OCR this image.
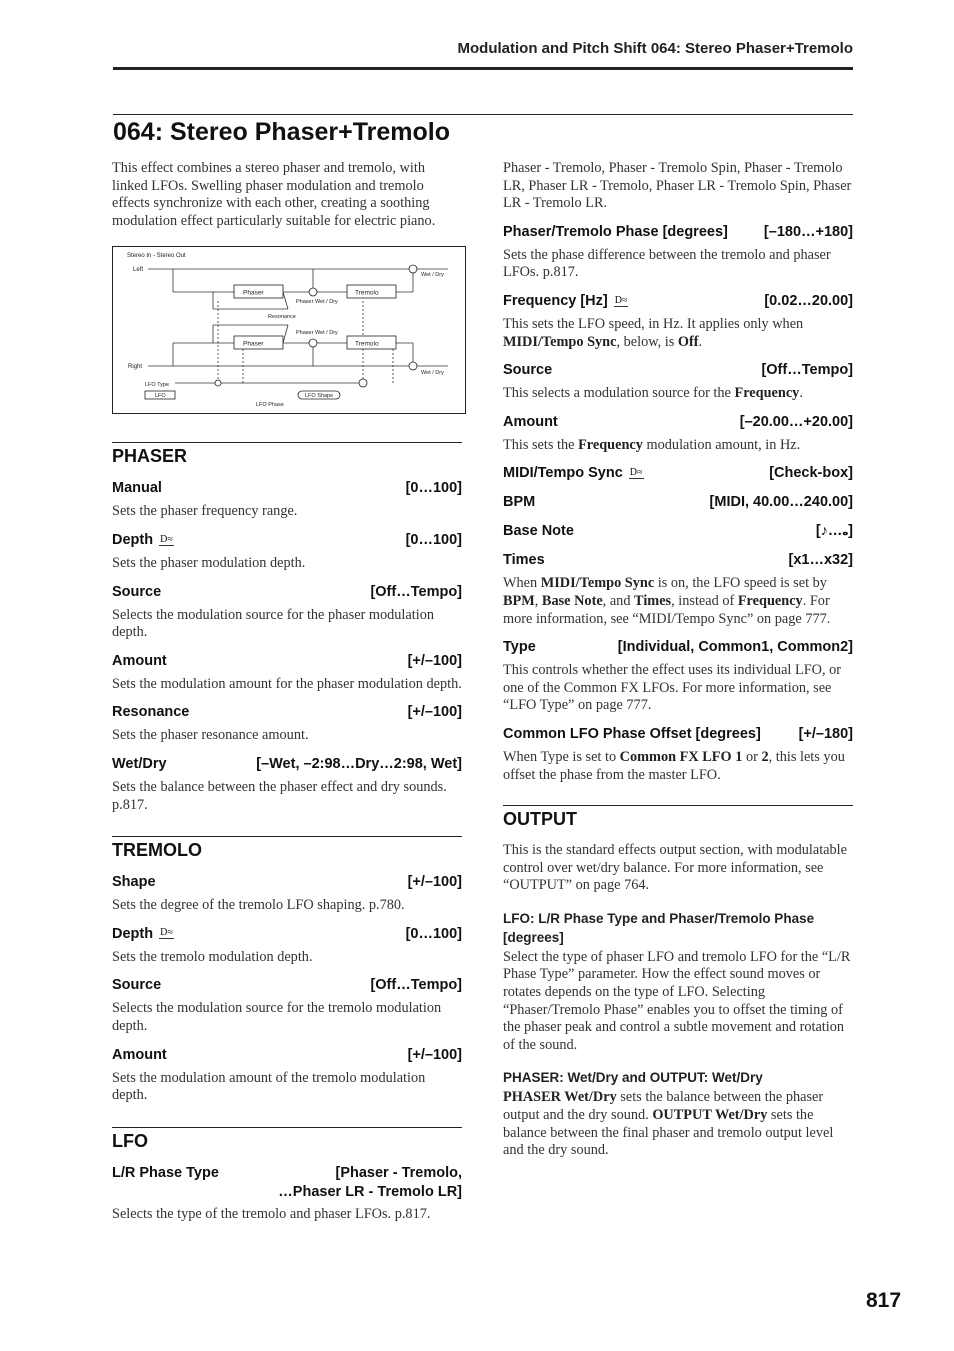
Modulation and Pitch Shift 064: Stereo Phaser+Tremolo
064: Stereo Phaser+Tremolo

This effect combines a stereo phaser and tremolo, with linked LFOs. Swelling phaser modulation and tremolo effects synchronize with each other, creating a soothing modulation effect particularly suitable for electric piano.

Stereo In - Stereo Out
Left
Right
Phaser	Tremolo
Phaser	Tremolo
Phaser Wet / Dry
Resonance
Phaser Wet / Dry
Wet / Dry
Wet / Dry
LFO Type
LFO	LFO Shape
LFO Phase
PHASER
Manual	[0…100]

Sets the phaser frequency range.

Depth D≈	[0…100]

Sets the phaser modulation depth.

Source	[Off…Tempo]

Selects the modulation source for the phaser modulation depth.

Amount	[+/–100]

Sets the modulation amount for the phaser modulation depth.

Resonance	[+/–100]

Sets the phaser resonance amount.

Wet/Dry	[–Wet, –2:98…Dry…2:98, Wet]

Sets the balance between the phaser effect and dry sounds. p.817.

TREMOLO
Shape	[+/–100]

Sets the degree of the tremolo LFO shaping. p.780.

Depth D≈	[0…100]

Sets the tremolo modulation depth.

Source	[Off…Tempo]

Selects the modulation source for the tremolo modulation depth.

Amount	[+/–100]

Sets the modulation amount of the tremolo modulation depth.

LFO
L/R Phase Type	[Phaser - Tremolo,
…Phaser LR - Tremolo LR]

Selects the type of the tremolo and phaser LFOs. p.817.

Phaser - Tremolo, Phaser - Tremolo Spin, Phaser - Tremolo LR, Phaser LR - Tremolo, Phaser LR - Tremolo Spin, Phaser LR - Tremolo LR.

Phaser/Tremolo Phase [degrees] [–180…+180]

Sets the phase difference between the tremolo and phaser LFOs. p.817.

Frequency [Hz] D≈	[0.02…20.00]

This sets the LFO speed, in Hz. It applies only when MIDI/Tempo Sync, below, is Off.

Source	[Off…Tempo]

This selects a modulation source for the Frequency.

Amount	[–20.00…+20.00]

This sets the Frequency modulation amount, in Hz.

MIDI/Tempo Sync D≈	[Check-box]
BPM	[MIDI, 40.00…240.00]
Base Note	[♪…𝅝]
Times	[x1…x32]

When MIDI/Tempo Sync is on, the LFO speed is set by BPM, Base Note, and Times, instead of Frequency. For more information, see “MIDI/Tempo Sync” on page 777.

Type	[Individual, Common1, Common2]

This controls whether the effect uses its individual LFO, or one of the Common FX LFOs. For more information, see “LFO Type” on page 777.

Common LFO Phase Offset [degrees]	[+/–180]

When Type is set to Common FX LFO 1 or 2, this lets you offset the phase from the master LFO.

OUTPUT

This is the standard effects output section, with modulatable control over wet/dry balance. For more information, see “OUTPUT” on page 764.

LFO: L/R Phase Type and Phaser/Tremolo Phase [degrees]

Select the type of phaser LFO and tremolo LFO for the “L/R Phase Type” parameter. How the effect sound moves or rotates depends on the type of LFO. Selecting “Phaser/Tremolo Phase” enables you to offset the timing of the phaser peak and control a subtle movement and rotation of the sound.

PHASER: Wet/Dry and OUTPUT: Wet/Dry

PHASER Wet/Dry sets the balance between the phaser output and the dry sound. OUTPUT Wet/Dry sets the balance between the final phaser and tremolo output level and the dry sound.

817
